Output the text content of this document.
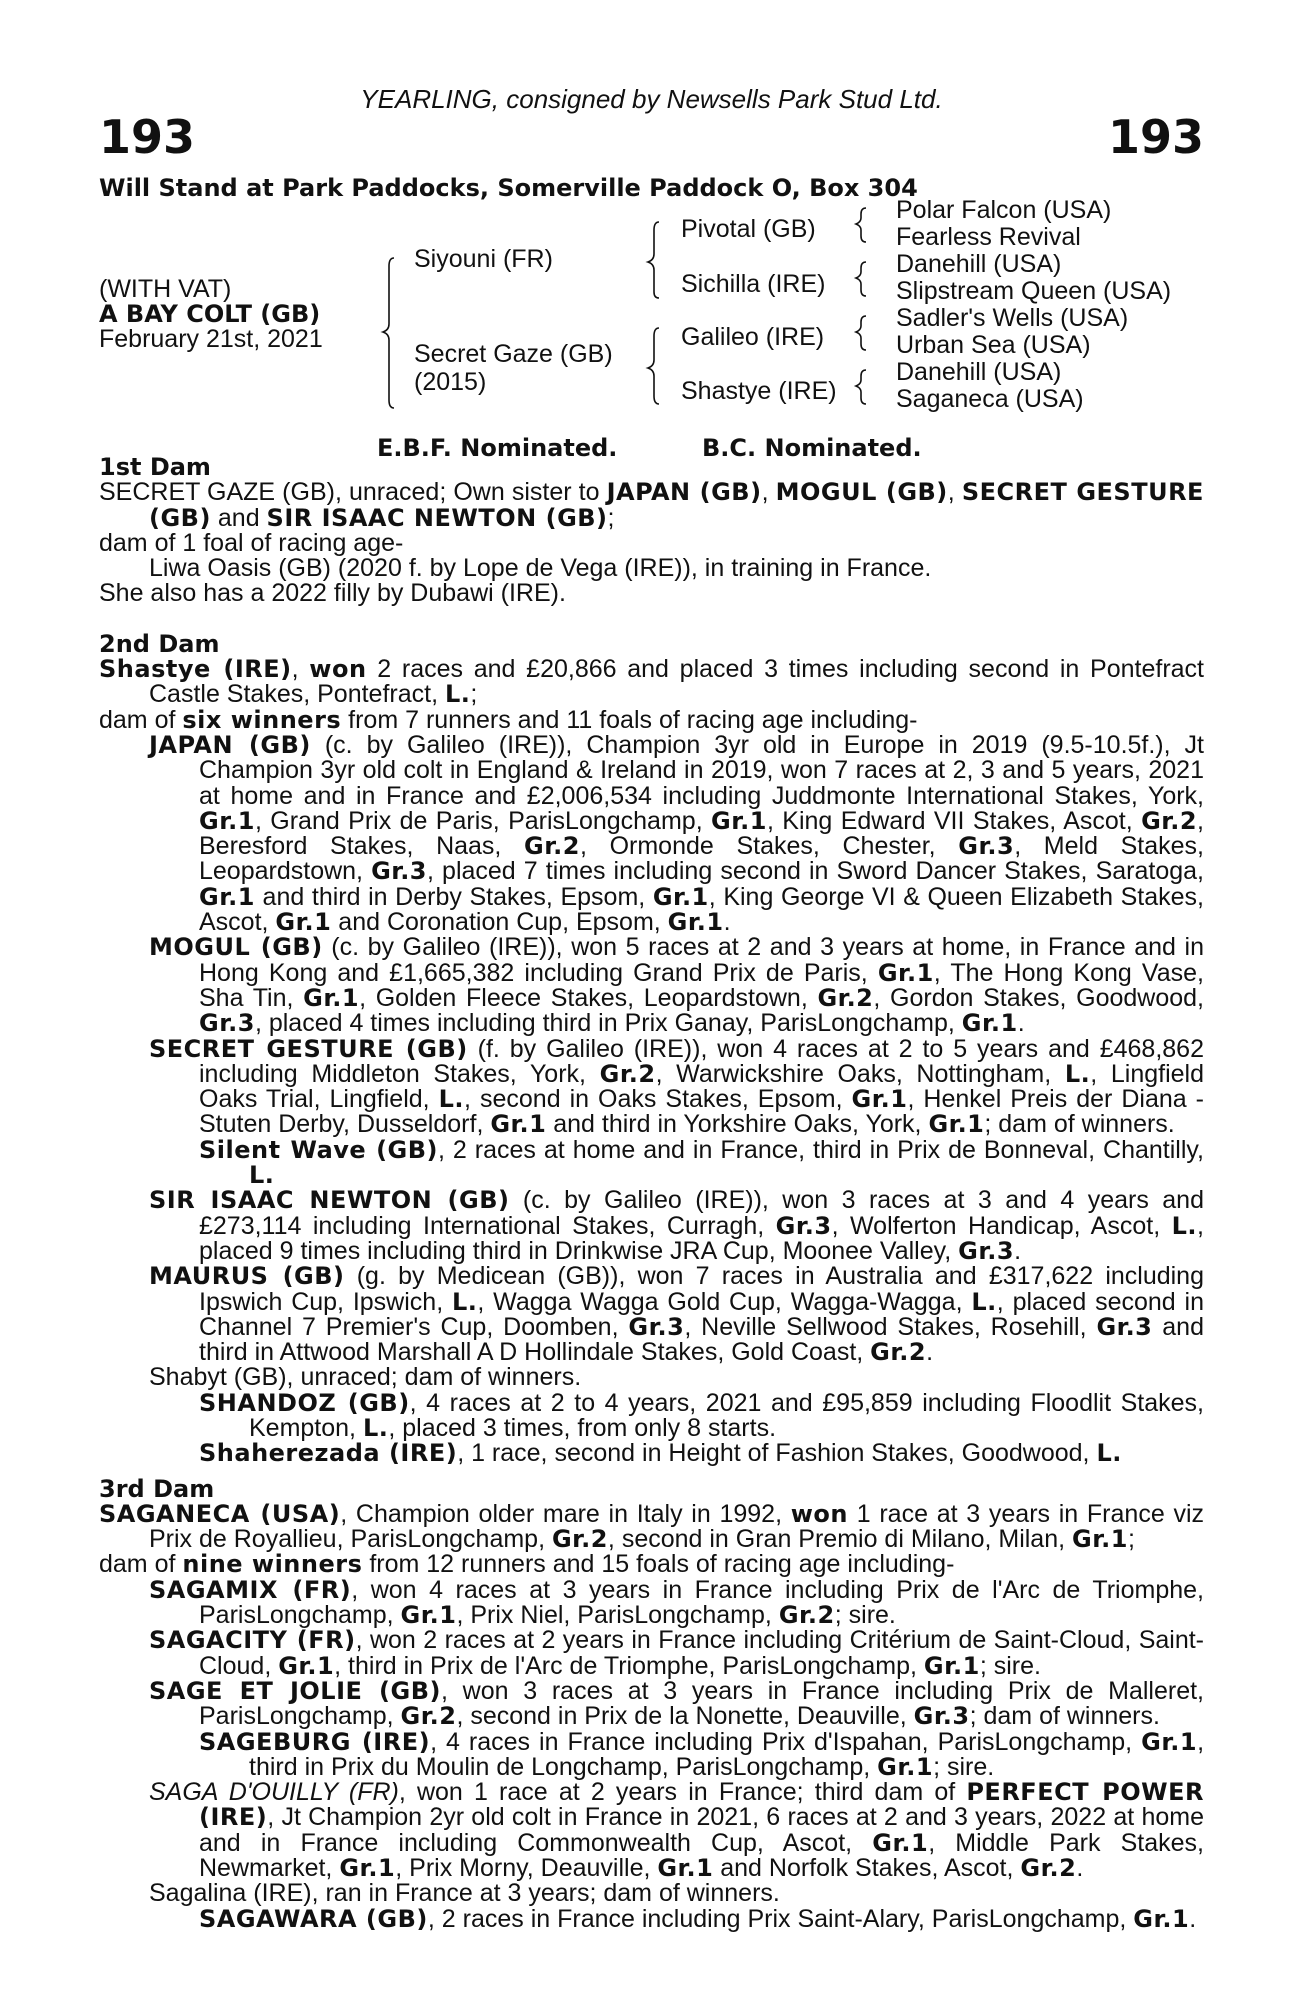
YEARLING, consigned by Newsells Park Stud Ltd.
193	193
Will Stand at Park Paddocks, Somerville Paddock O, Box 304
(WITH VAT)
A BAY COLT (GB)
February 21st, 2021
Siyouni (FR)
Secret Gaze (GB)
(2015)
Pivotal (GB)
Sichilla (IRE)
Galileo (IRE)
Shastye (IRE)
Polar Falcon (USA)
Fearless Revival
Danehill (USA)
Slipstream Queen (USA)
Sadler's Wells (USA)
Urban Sea (USA)
Danehill (USA)
Saganeca (USA)
E.B.F. Nominated.	B.C. Nominated.
1st Dam
SECRET GAZE (GB), unraced; Own sister to JAPAN (GB), MOGUL (GB), SECRET GESTURE (GB) and SIR ISAAC NEWTON (GB);
dam of 1 foal of racing age-
Liwa Oasis (GB) (2020 f. by Lope de Vega (IRE)), in training in France.
She also has a 2022 filly by Dubawi (IRE).
2nd Dam
Shastye (IRE), won 2 races and £20,866 and placed 3 times including second in Pontefract Castle Stakes, Pontefract, L.;
dam of six winners from 7 runners and 11 foals of racing age including-
JAPAN (GB) (c. by Galileo (IRE)), Champion 3yr old in Europe in 2019 (9.5-10.5f.), Jt Champion 3yr old colt in England & Ireland in 2019, won 7 races at 2, 3 and 5 years, 2021 at home and in France and £2,006,534 including Juddmonte International Stakes, York, Gr.1, Grand Prix de Paris, ParisLongchamp, Gr.1, King Edward VII Stakes, Ascot, Gr.2, Beresford Stakes, Naas, Gr.2, Ormonde Stakes, Chester, Gr.3, Meld Stakes, Leopardstown, Gr.3, placed 7 times including second in Sword Dancer Stakes, Saratoga, Gr.1 and third in Derby Stakes, Epsom, Gr.1, King George VI & Queen Elizabeth Stakes, Ascot, Gr.1 and Coronation Cup, Epsom, Gr.1.
MOGUL (GB) (c. by Galileo (IRE)), won 5 races at 2 and 3 years at home, in France and in Hong Kong and £1,665,382 including Grand Prix de Paris, Gr.1, The Hong Kong Vase, Sha Tin, Gr.1, Golden Fleece Stakes, Leopardstown, Gr.2, Gordon Stakes, Goodwood, Gr.3, placed 4 times including third in Prix Ganay, ParisLongchamp, Gr.1.
SECRET GESTURE (GB) (f. by Galileo (IRE)), won 4 races at 2 to 5 years and £468,862 including Middleton Stakes, York, Gr.2, Warwickshire Oaks, Nottingham, L., Lingfield Oaks Trial, Lingfield, L., second in Oaks Stakes, Epsom, Gr.1, Henkel Preis der Diana - Stuten Derby, Dusseldorf, Gr.1 and third in Yorkshire Oaks, York, Gr.1; dam of winners.
Silent Wave (GB), 2 races at home and in France, third in Prix de Bonneval, Chantilly, L.
SIR ISAAC NEWTON (GB) (c. by Galileo (IRE)), won 3 races at 3 and 4 years and £273,114 including International Stakes, Curragh, Gr.3, Wolferton Handicap, Ascot, L., placed 9 times including third in Drinkwise JRA Cup, Moonee Valley, Gr.3.
MAURUS (GB) (g. by Medicean (GB)), won 7 races in Australia and £317,622 including Ipswich Cup, Ipswich, L., Wagga Wagga Gold Cup, Wagga-Wagga, L., placed second in Channel 7 Premier's Cup, Doomben, Gr.3, Neville Sellwood Stakes, Rosehill, Gr.3 and third in Attwood Marshall A D Hollindale Stakes, Gold Coast, Gr.2.
Shabyt (GB), unraced; dam of winners.
SHANDOZ (GB), 4 races at 2 to 4 years, 2021 and £95,859 including Floodlit Stakes, Kempton, L., placed 3 times, from only 8 starts.
Shaherezada (IRE), 1 race, second in Height of Fashion Stakes, Goodwood, L.
3rd Dam
SAGANECA (USA), Champion older mare in Italy in 1992, won 1 race at 3 years in France viz Prix de Royallieu, ParisLongchamp, Gr.2, second in Gran Premio di Milano, Milan, Gr.1;
dam of nine winners from 12 runners and 15 foals of racing age including-
SAGAMIX (FR), won 4 races at 3 years in France including Prix de l'Arc de Triomphe, ParisLongchamp, Gr.1, Prix Niel, ParisLongchamp, Gr.2; sire.
SAGACITY (FR), won 2 races at 2 years in France including Critérium de Saint-Cloud, Saint-Cloud, Gr.1, third in Prix de l'Arc de Triomphe, ParisLongchamp, Gr.1; sire.
SAGE ET JOLIE (GB), won 3 races at 3 years in France including Prix de Malleret, ParisLongchamp, Gr.2, second in Prix de la Nonette, Deauville, Gr.3; dam of winners.
SAGEBURG (IRE), 4 races in France including Prix d'Ispahan, ParisLongchamp, Gr.1, third in Prix du Moulin de Longchamp, ParisLongchamp, Gr.1; sire.
SAGA D'OUILLY (FR), won 1 race at 2 years in France; third dam of PERFECT POWER (IRE), Jt Champion 2yr old colt in France in 2021, 6 races at 2 and 3 years, 2022 at home and in France including Commonwealth Cup, Ascot, Gr.1, Middle Park Stakes, Newmarket, Gr.1, Prix Morny, Deauville, Gr.1 and Norfolk Stakes, Ascot, Gr.2.
Sagalina (IRE), ran in France at 3 years; dam of winners.
SAGAWARA (GB), 2 races in France including Prix Saint-Alary, ParisLongchamp, Gr.1.
